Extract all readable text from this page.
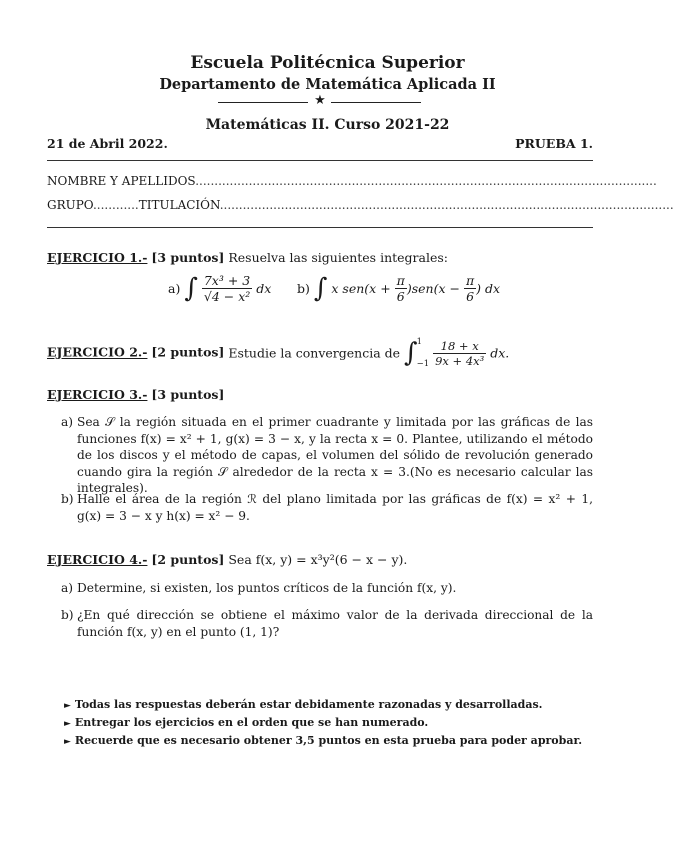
Escuela Politécnica Superior
Departamento de Matemática Aplicada II
★
Matemáticas II. Curso 2021-22
21 de Abril 2022.	PRUEBA 1.
NOMBRE Y APELLIDOS.........................................................................................................................
GRUPO............TITULACIÓN.......................................................................................................................
EJERCICIO 1.- [3 puntos] Resuelva las siguientes integrales:
a) ∫ $\frac{\text{7x³ + 3}}{\text{√4 − x²}}$ dx b) ∫ x $sen(x + \frac{\pi}{6} )sen(x - \frac{\pi}{6}$ ) dx
EJERCICIO 2.- [2 puntos] Estudie la convergencia de ∫
1
−1
$\frac{18 + x}{\text{9x + 4x³}}$ dx.
EJERCICIO 3.- [3 puntos]
a) Sea 𝒮 la región situada en el primer cuadrante y limitada por las gráficas de las funciones f(x) = x² + 1, g(x) = 3 − x, y la recta x = 0. Plantee, utilizando el método de los discos y el método de capas, el volumen del sólido de revolución generado cuando gira la región 𝒮 alrededor de la recta x = 3.(No es necesario calcular las integrales).
b) Halle el área de la región ℛ del plano limitada por las gráficas de f(x) = x² + 1, g(x) = 3 − x y h(x) = x² − 9.
EJERCICIO 4.- [2 puntos] Sea f(x, y) = x³y²(6 − x − y).
a) Determine, si existen, los puntos críticos de la función f(x, y).
b) ¿En qué dirección se obtiene el máximo valor de la derivada direccional de la función f(x, y) en el punto (1, 1)?
► Todas las respuestas deberán estar debidamente razonadas y desarrolladas.
► Entregar los ejercicios en el orden que se han numerado.
► Recuerde que es necesario obtener 3,5 puntos en esta prueba para poder aprobar.
